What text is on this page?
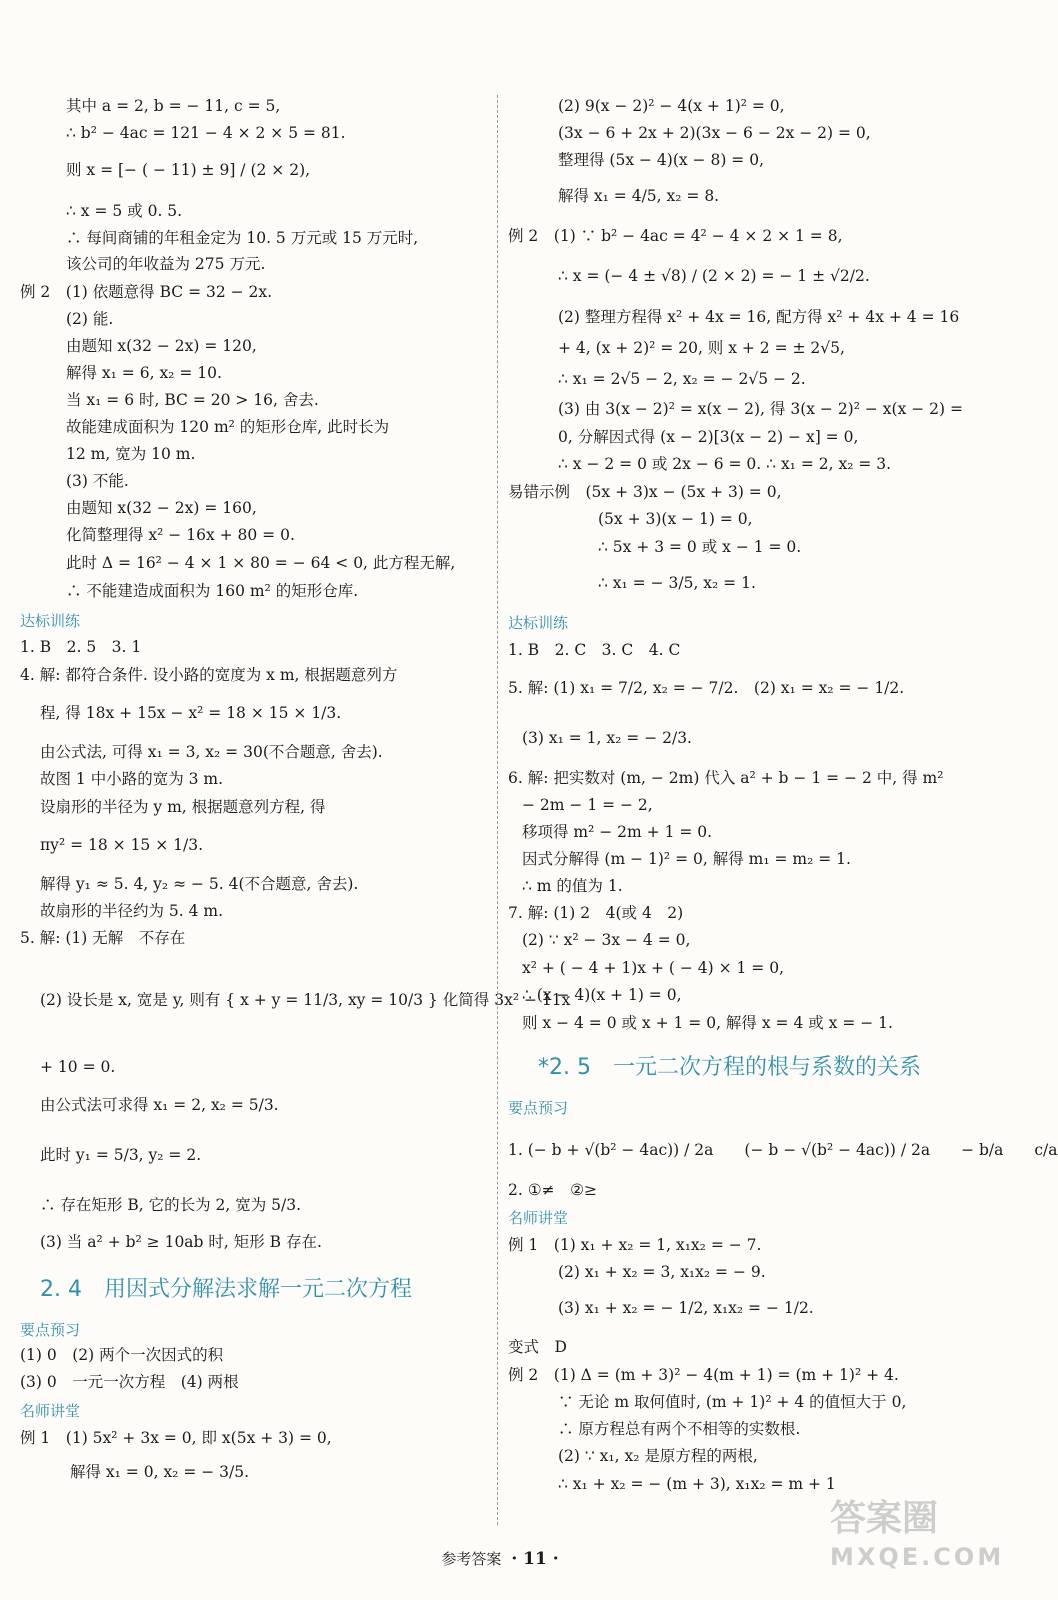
其中 a = 2, b = − 11, c = 5,
∴ b² − 4ac = 121 − 4 × 2 × 5 = 81.
则 x = [− ( − 11) ± 9] / (2 × 2),
∴ x = 5 或 0. 5.
∴ 每间商铺的年租金定为 10. 5 万元或 15 万元时,
该公司的年收益为 275 万元.
例 2　(1) 依题意得 BC = 32 − 2x.
(2) 能.
由题知 x(32 − 2x) = 120,
解得 x₁ = 6, x₂ = 10.
当 x₁ = 6 时, BC = 20 > 16, 舍去.
故能建成面积为 120 m² 的矩形仓库, 此时长为
12 m, 宽为 10 m.
(3) 不能.
由题知 x(32 − 2x) = 160,
化简整理得 x² − 16x + 80 = 0.
此时 Δ = 16² − 4 × 1 × 80 = − 64 < 0, 此方程无解,
∴ 不能建造成面积为 160 m² 的矩形仓库.
1. B　2. 5　3. 1
4. 解: 都符合条件. 设小路的宽度为 x m, 根据题意列方
程, 得 18x + 15x − x² = 18 × 15 × 1/3.
由公式法, 可得 x₁ = 3, x₂ = 30(不合题意, 舍去).
故图 1 中小路的宽为 3 m.
设扇形的半径为 y m, 根据题意列方程, 得
πy² = 18 × 15 × 1/3.
解得 y₁ ≈ 5. 4, y₂ ≈ − 5. 4(不合题意, 舍去).
故扇形的半径约为 5. 4 m.
5. 解: (1) 无解　不存在
(2) 设长是 x, 宽是 y, 则有 { x + y = 11/3, xy = 10/3 } 化简得 3x² − 11x
+ 10 = 0.
由公式法可求得 x₁ = 2, x₂ = 5/3.
此时 y₁ = 5/3, y₂ = 2.
∴ 存在矩形 B, 它的长为 2, 宽为 5/3.
(3) 当 a² + b² ≥ 10ab 时, 矩形 B 存在.
(1) 0　(2) 两个一次因式的积
(3) 0　一元一次方程　(4) 两根
例 1　(1) 5x² + 3x = 0, 即 x(5x + 3) = 0,
解得 x₁ = 0, x₂ = − 3/5.
达标训练
要点预习
名师讲堂
2. 4　用因式分解法求解一元二次方程
(2) 9(x − 2)² − 4(x + 1)² = 0,
(3x − 6 + 2x + 2)(3x − 6 − 2x − 2) = 0,
整理得 (5x − 4)(x − 8) = 0,
解得 x₁ = 4/5, x₂ = 8.
例 2　(1) ∵ b² − 4ac = 4² − 4 × 2 × 1 = 8,
∴ x = (− 4 ± √8) / (2 × 2) = − 1 ± √2/2.
(2) 整理方程得 x² + 4x = 16, 配方得 x² + 4x + 4 = 16
+ 4, (x + 2)² = 20, 则 x + 2 = ± 2√5,
∴ x₁ = 2√5 − 2, x₂ = − 2√5 − 2.
(3) 由 3(x − 2)² = x(x − 2), 得 3(x − 2)² − x(x − 2) =
0, 分解因式得 (x − 2)[3(x − 2) − x] = 0,
∴ x − 2 = 0 或 2x − 6 = 0. ∴ x₁ = 2, x₂ = 3.
易错示例　(5x + 3)x − (5x + 3) = 0,
(5x + 3)(x − 1) = 0,
∴ 5x + 3 = 0 或 x − 1 = 0.
∴ x₁ = − 3/5, x₂ = 1.
1. B　2. C　3. C　4. C
5. 解: (1) x₁ = 7/2, x₂ = − 7/2.　(2) x₁ = x₂ = − 1/2.
(3) x₁ = 1, x₂ = − 2/3.
6. 解: 把实数对 (m, − 2m) 代入 a² + b − 1 = − 2 中, 得 m²
− 2m − 1 = − 2,
移项得 m² − 2m + 1 = 0.
因式分解得 (m − 1)² = 0, 解得 m₁ = m₂ = 1.
∴ m 的值为 1.
7. 解: (1) 2　4(或 4　2)
(2) ∵ x² − 3x − 4 = 0,
x² + ( − 4 + 1)x + ( − 4) × 1 = 0,
∴ (x − 4)(x + 1) = 0,
则 x − 4 = 0 或 x + 1 = 0, 解得 x = 4 或 x = − 1.
1. (− b + √(b² − 4ac)) / 2a　　(− b − √(b² − 4ac)) / 2a　　− b/a　　c/a
2. ①≠　②≥
例 1　(1) x₁ + x₂ = 1, x₁x₂ = − 7.
(2) x₁ + x₂ = 3, x₁x₂ = − 9.
(3) x₁ + x₂ = − 1/2, x₁x₂ = − 1/2.
变式　D
例 2　(1) Δ = (m + 3)² − 4(m + 1) = (m + 1)² + 4.
∵ 无论 m 取何值时, (m + 1)² + 4 的值恒大于 0,
∴ 原方程总有两个不相等的实数根.
(2) ∵ x₁, x₂ 是原方程的两根,
∴ x₁ + x₂ = − (m + 3), x₁x₂ = m + 1
达标训练
要点预习
名师讲堂
*2. 5　一元二次方程的根与系数的关系
参考答案 · 11 ·
答案圈
MXQE.COM
